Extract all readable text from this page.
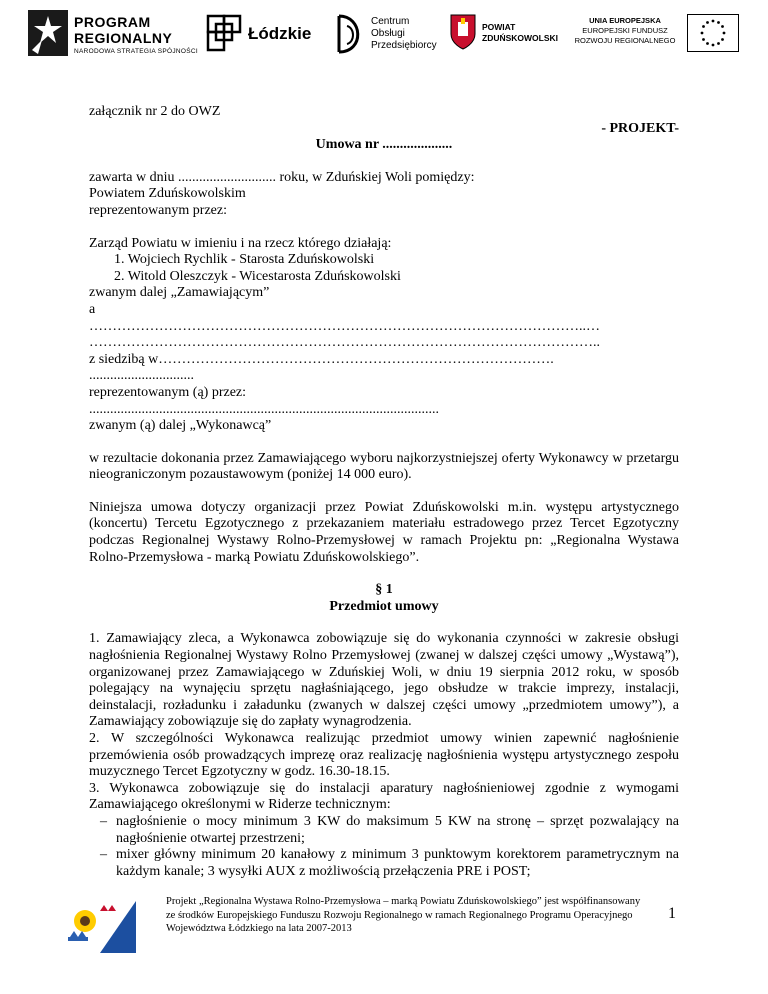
PROGRAM
REGIONALNY
NARODOWA STRATEGIA SPÓJNOŚCI
Łódzkie
Centrum
Obsługi
Przedsiębiorcy
POWIAT
ZDUŃSKOWOLSKI
UNIA EUROPEJSKA
EUROPEJSKI FUNDUSZ
ROZWOJU REGIONALNEGO

załącznik nr 2 do OWZ

- PROJEKT-

Umowa nr ....................

zawarta w dniu ............................ roku, w Zduńskiej Woli pomiędzy:

Powiatem Zduńskowolskim

reprezentowanym przez:

Zarząd Powiatu w imieniu i na rzecz którego działają:

1. Wojciech Rychlik - Starosta Zduńskowolski

2. Witold Oleszczyk - Wicestarosta Zduńskowolski

zwanym dalej „Zamawiającym”

a

……………………………………………………………………………………………..…

………………………………………………………………………………………………..

z siedzibą w………………………………………………………………………….

..............................

reprezentowanym (ą) przez:

....................................................................................................

zwanym (ą) dalej „Wykonawcą”

w rezultacie dokonania przez Zamawiającego wyboru najkorzystniejszej oferty Wykonawcy w przetargu nieograniczonym pozaustawowym (poniżej 14 000 euro).

Niniejsza umowa dotyczy organizacji przez Powiat Zduńskowolski m.in. występu artystycznego (koncertu) Tercetu Egzotycznego z przekazaniem materiału estradowego przez Tercet Egzotyczny podczas Regionalnej Wystawy Rolno-Przemysłowej w ramach Projektu pn: „Regionalna Wystawa Rolno-Przemysłowa - marką Powiatu Zduńskowolskiego”.

§ 1

Przedmiot umowy

1. Zamawiający zleca, a Wykonawca zobowiązuje się do wykonania czynności w zakresie obsługi nagłośnienia Regionalnej Wystawy Rolno Przemysłowej (zwanej w dalszej części umowy „Wystawą”), organizowanej przez Zamawiającego w Zduńskiej Woli, w dniu 19 sierpnia 2012 roku, w sposób polegający na wynajęciu sprzętu nagłaśniającego, jego obsłudze w trakcie imprezy, instalacji, deinstalacji, rozładunku i załadunku (zwanych w dalszej części umowy „przedmiotem umowy”), a Zamawiający zobowiązuje się do zapłaty wynagrodzenia.

2. W szczególności Wykonawca realizując przedmiot umowy winien zapewnić nagłośnienie przemówienia osób prowadzących imprezę oraz realizację nagłośnienia występu artystycznego zespołu muzycznego Tercet Egzotyczny w godz. 16.30-18.15.

3. Wykonawca zobowiązuje się do instalacji aparatury nagłośnieniowej zgodnie z wymogami Zamawiającego określonymi w Riderze technicznym:

– nagłośnienie o mocy minimum 3 KW do maksimum 5 KW na stronę – sprzęt pozwalający na nagłośnienie otwartej przestrzeni;
– mixer główny minimum 20 kanałowy z minimum 3 punktowym korektorem parametrycznym na każdym kanale; 3 wysyłki AUX z możliwością przełączenia PRE i POST;
Projekt „Regionalna Wystawa Rolno-Przemysłowa – marką Powiatu Zduńskowolskiego” jest współfinansowany ze środków Europejskiego Funduszu Rozwoju Regionalnego w ramach Regionalnego Programu Operacyjnego Województwa Łódzkiego na lata 2007-2013
1
